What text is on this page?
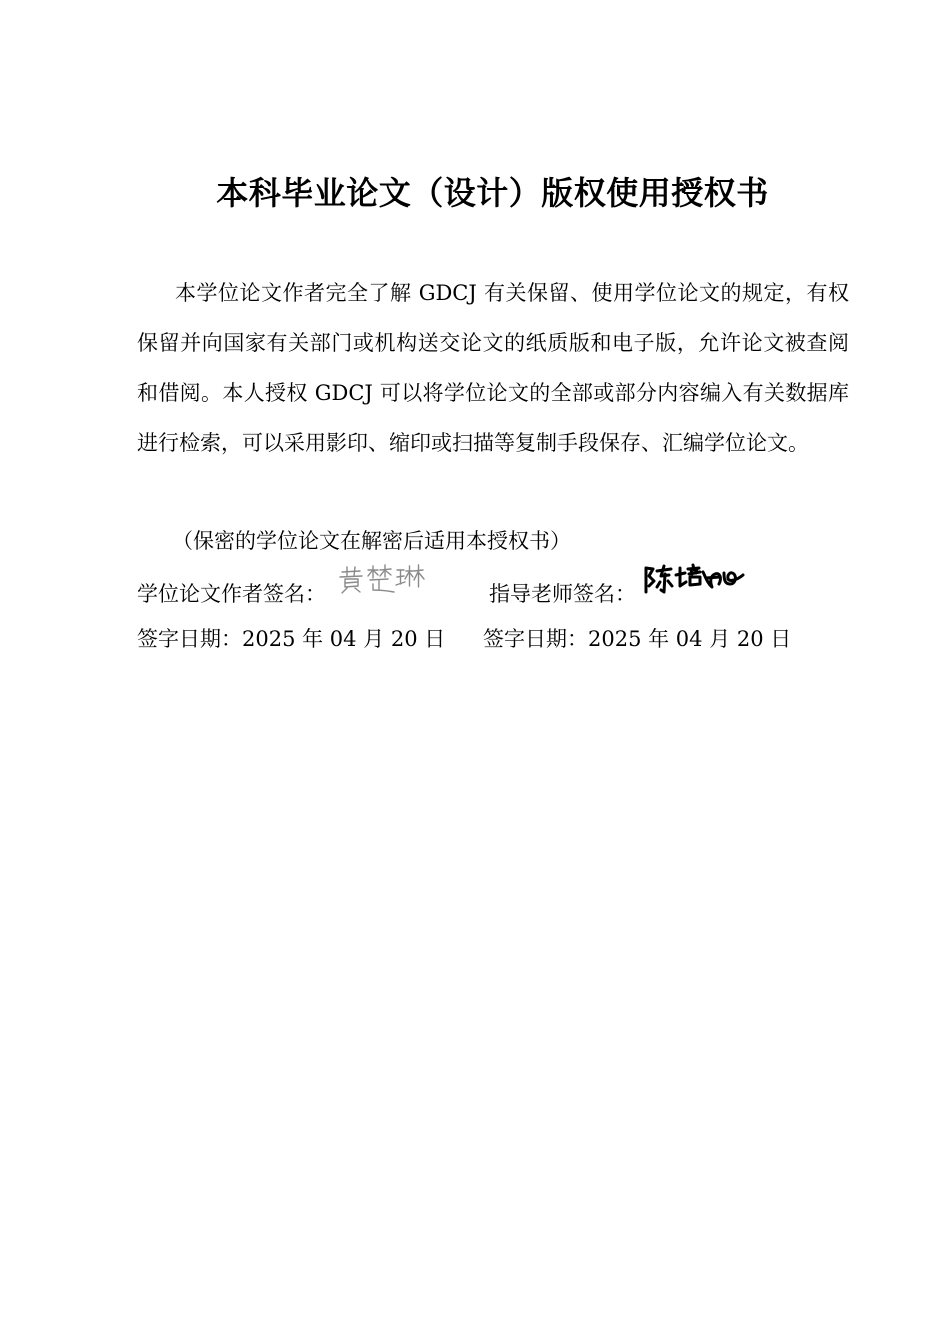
本科毕业论文（设计）版权使用授权书
本学位论文作者完全了解 GDCJ 有关保留、使用学位论文的规定，有权保留并向国家有关部门或机构送交论文的纸质版和电子版，允许论文被查阅和借阅。本人授权 GDCJ 可以将学位论文的全部或部分内容编入有关数据库进行检索，可以采用影印、缩印或扫描等复制手段保存、汇编学位论文。
（保密的学位论文在解密后适用本授权书）
学位论文作者签名：	指导老师签名：
签字日期：2025 年 04 月 20 日 签字日期：2025 年 04 月 20 日
